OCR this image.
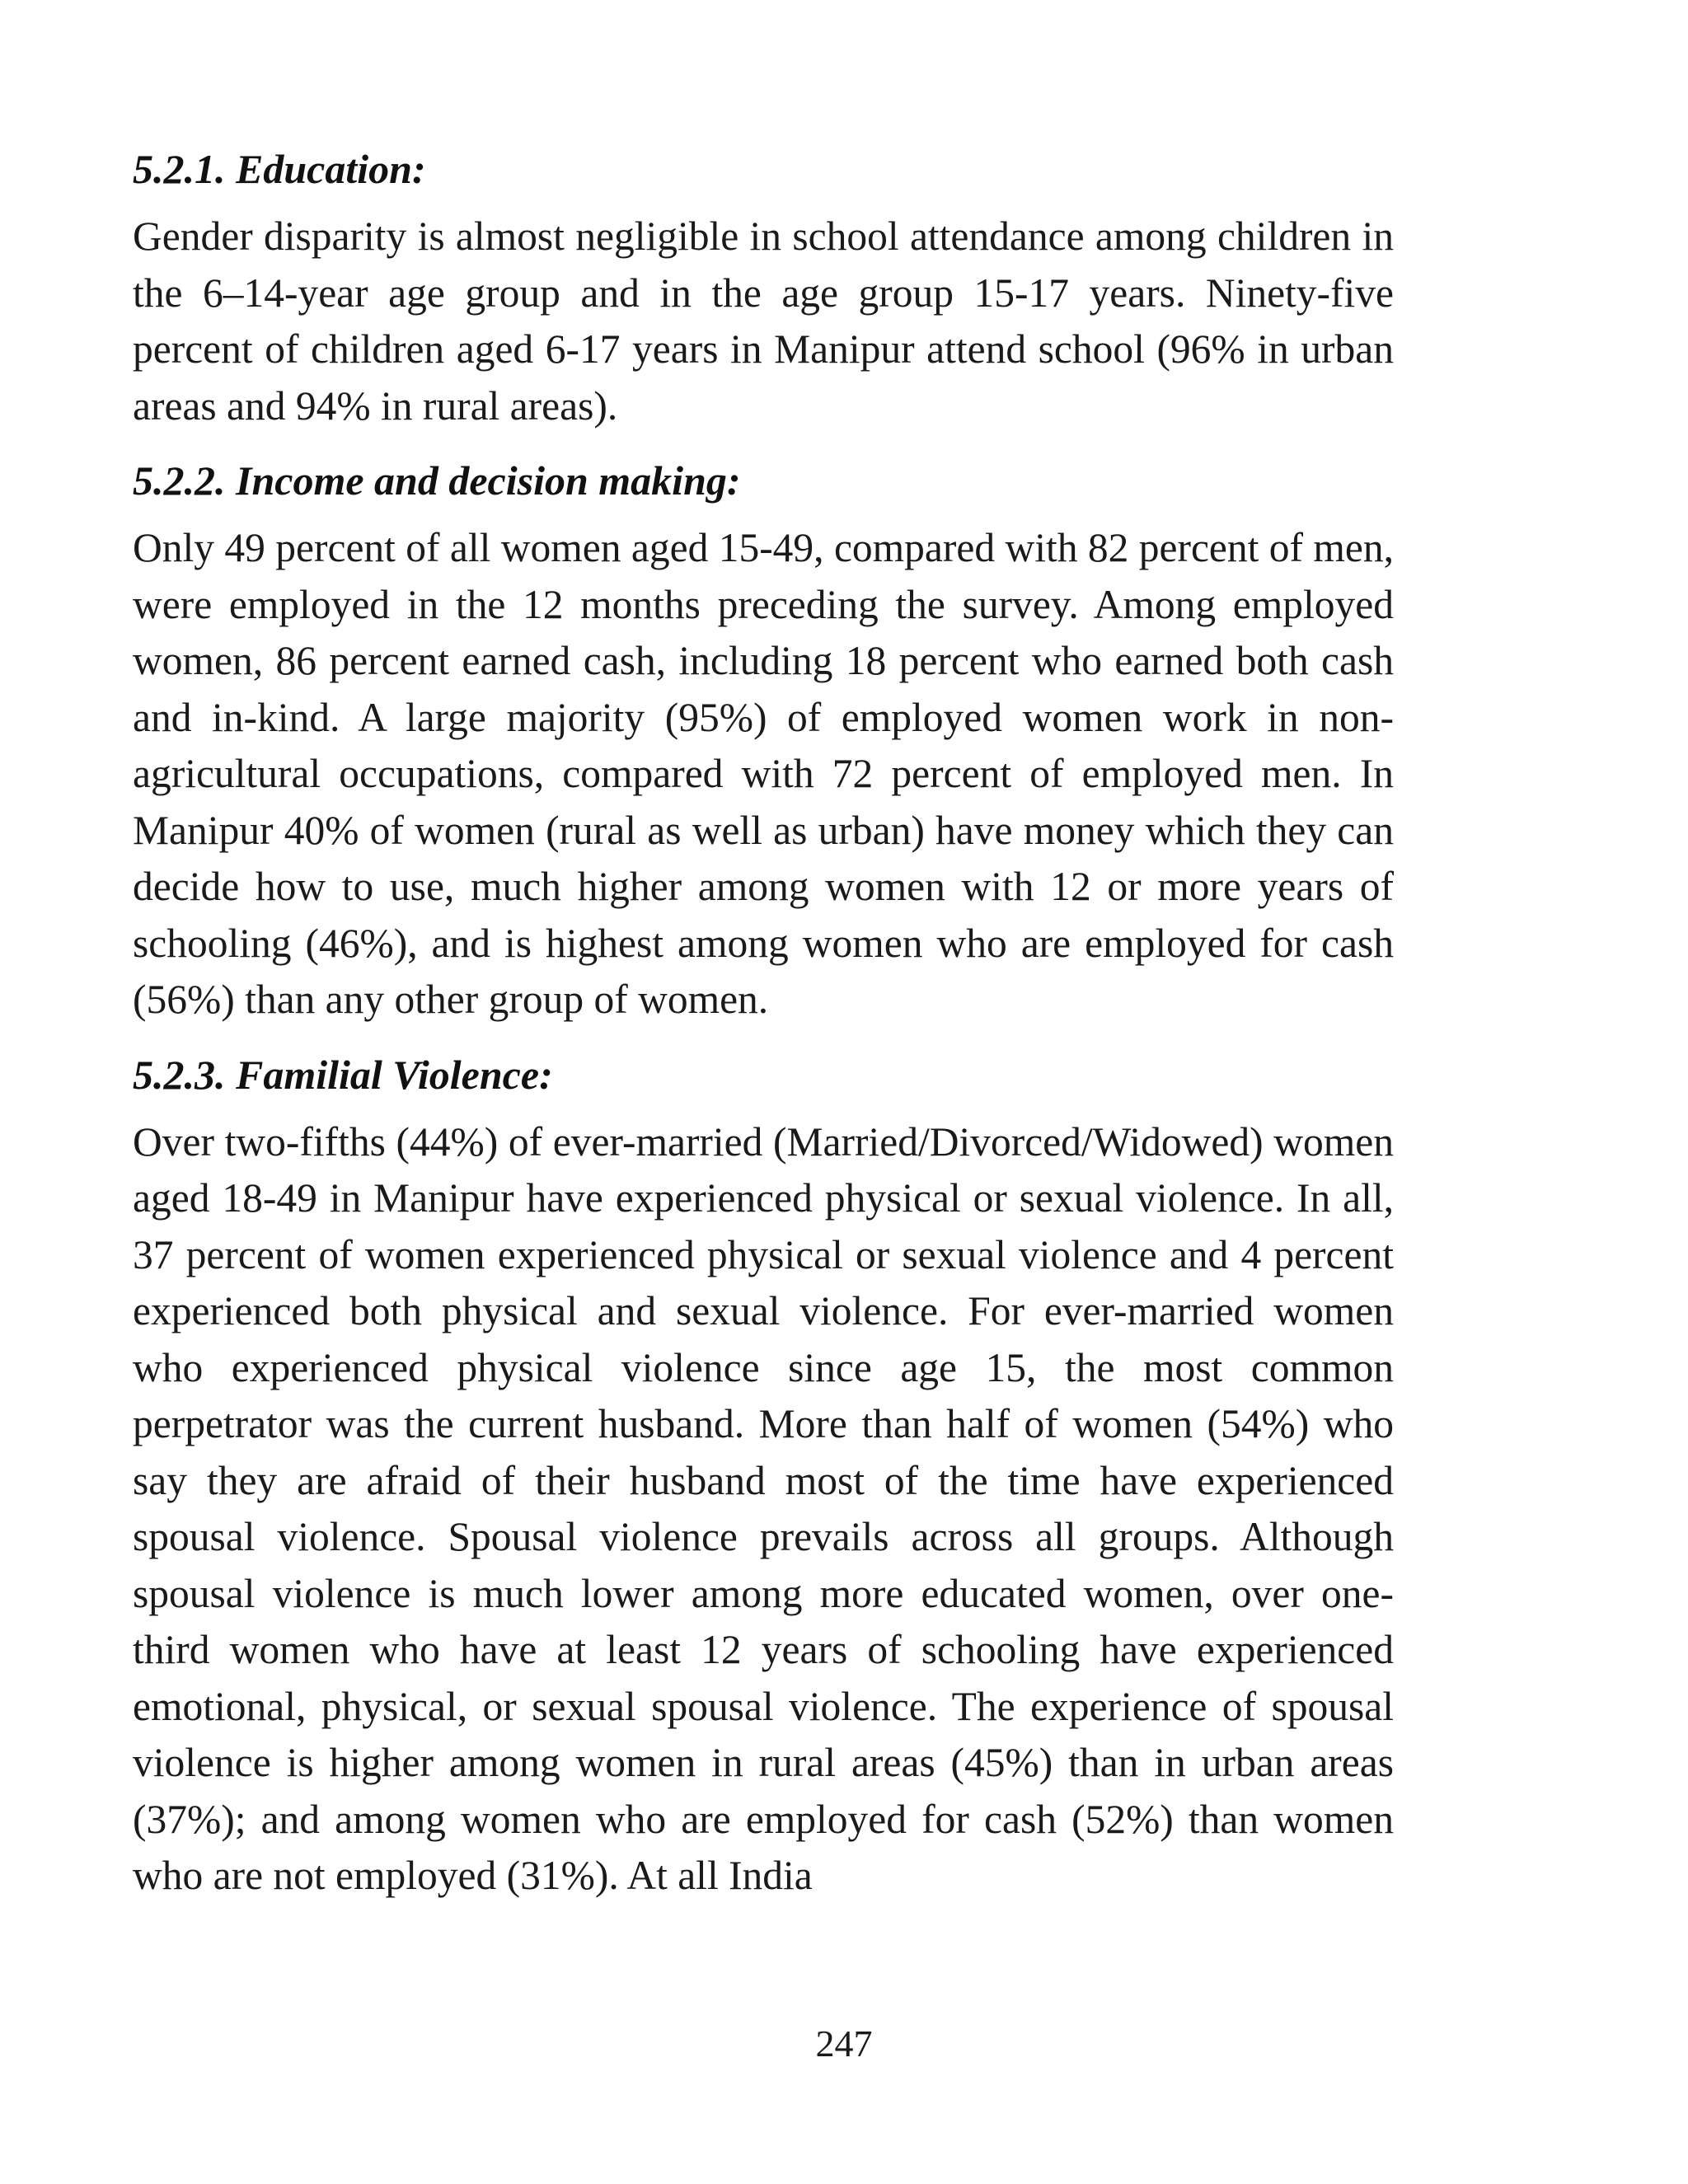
5.2.1. Education:

Gender disparity is almost negligible in school attendance among children in the 6–14-year age group and in the age group 15-17 years. Ninety-five percent of children aged 6-17 years in Manipur attend school (96% in urban areas and 94% in rural areas).

5.2.2. Income and decision making:

Only 49 percent of all women aged 15-49, compared with 82 percent of men, were employed in the 12 months preceding the survey. Among employed women, 86 percent earned cash, including 18 percent who earned both cash and in-kind. A large majority (95%) of employed women work in non-agricultural occupations, compared with 72 percent of employed men. In Manipur 40% of women (rural as well as urban) have money which they can decide how to use, much higher among women with 12 or more years of schooling (46%), and is highest among women who are employed for cash (56%) than any other group of women.

5.2.3. Familial Violence:

Over two-fifths (44%) of ever-married (Married/Divorced/Widowed) women aged 18-49 in Manipur have experienced physical or sexual violence. In all, 37 percent of women experienced physical or sexual violence and 4 percent experienced both physical and sexual violence. For ever-married women who experienced physical violence since age 15, the most common perpetrator was the current husband. More than half of women (54%) who say they are afraid of their husband most of the time have experienced spousal violence. Spousal violence prevails across all groups. Although spousal violence is much lower among more educated women, over one-third women who have at least 12 years of schooling have experienced emotional, physical, or sexual spousal violence. The experience of spousal violence is higher among women in rural areas (45%) than in urban areas (37%); and among women who are employed for cash (52%) than women who are not employed (31%). At all India

247
